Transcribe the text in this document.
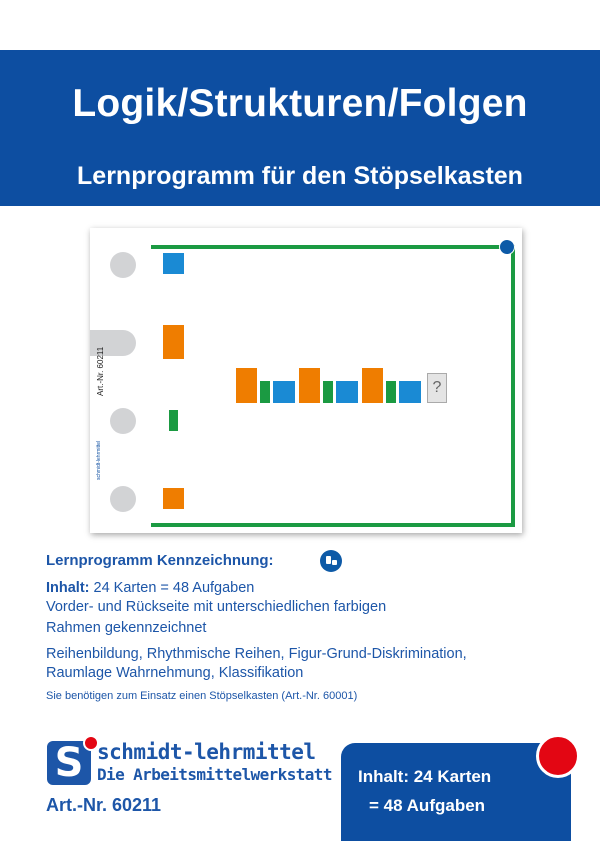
Logik/Strukturen/Folgen
Lernprogramm für den Stöpselkasten
Art.-Nr. 60211
schmidt-lehrmittel
?
Lernprogramm Kennzeichnung:
Inhalt: 24 Karten = 48 Aufgaben
Vorder- und Rückseite mit unterschiedlichen farbigen
Rahmen gekennzeichnet
Reihenbildung, Rhythmische Reihen, Figur-Grund-Diskrimination,
Raumlage Wahrnehmung, Klassifikation
Sie benötigen zum Einsatz einen Stöpselkasten (Art.-Nr. 60001)
S schmidt-lehrmittel
Die Arbeitsmittelwerkstatt
Art.-Nr. 60211
Inhalt: 24 Karten
= 48 Aufgaben
